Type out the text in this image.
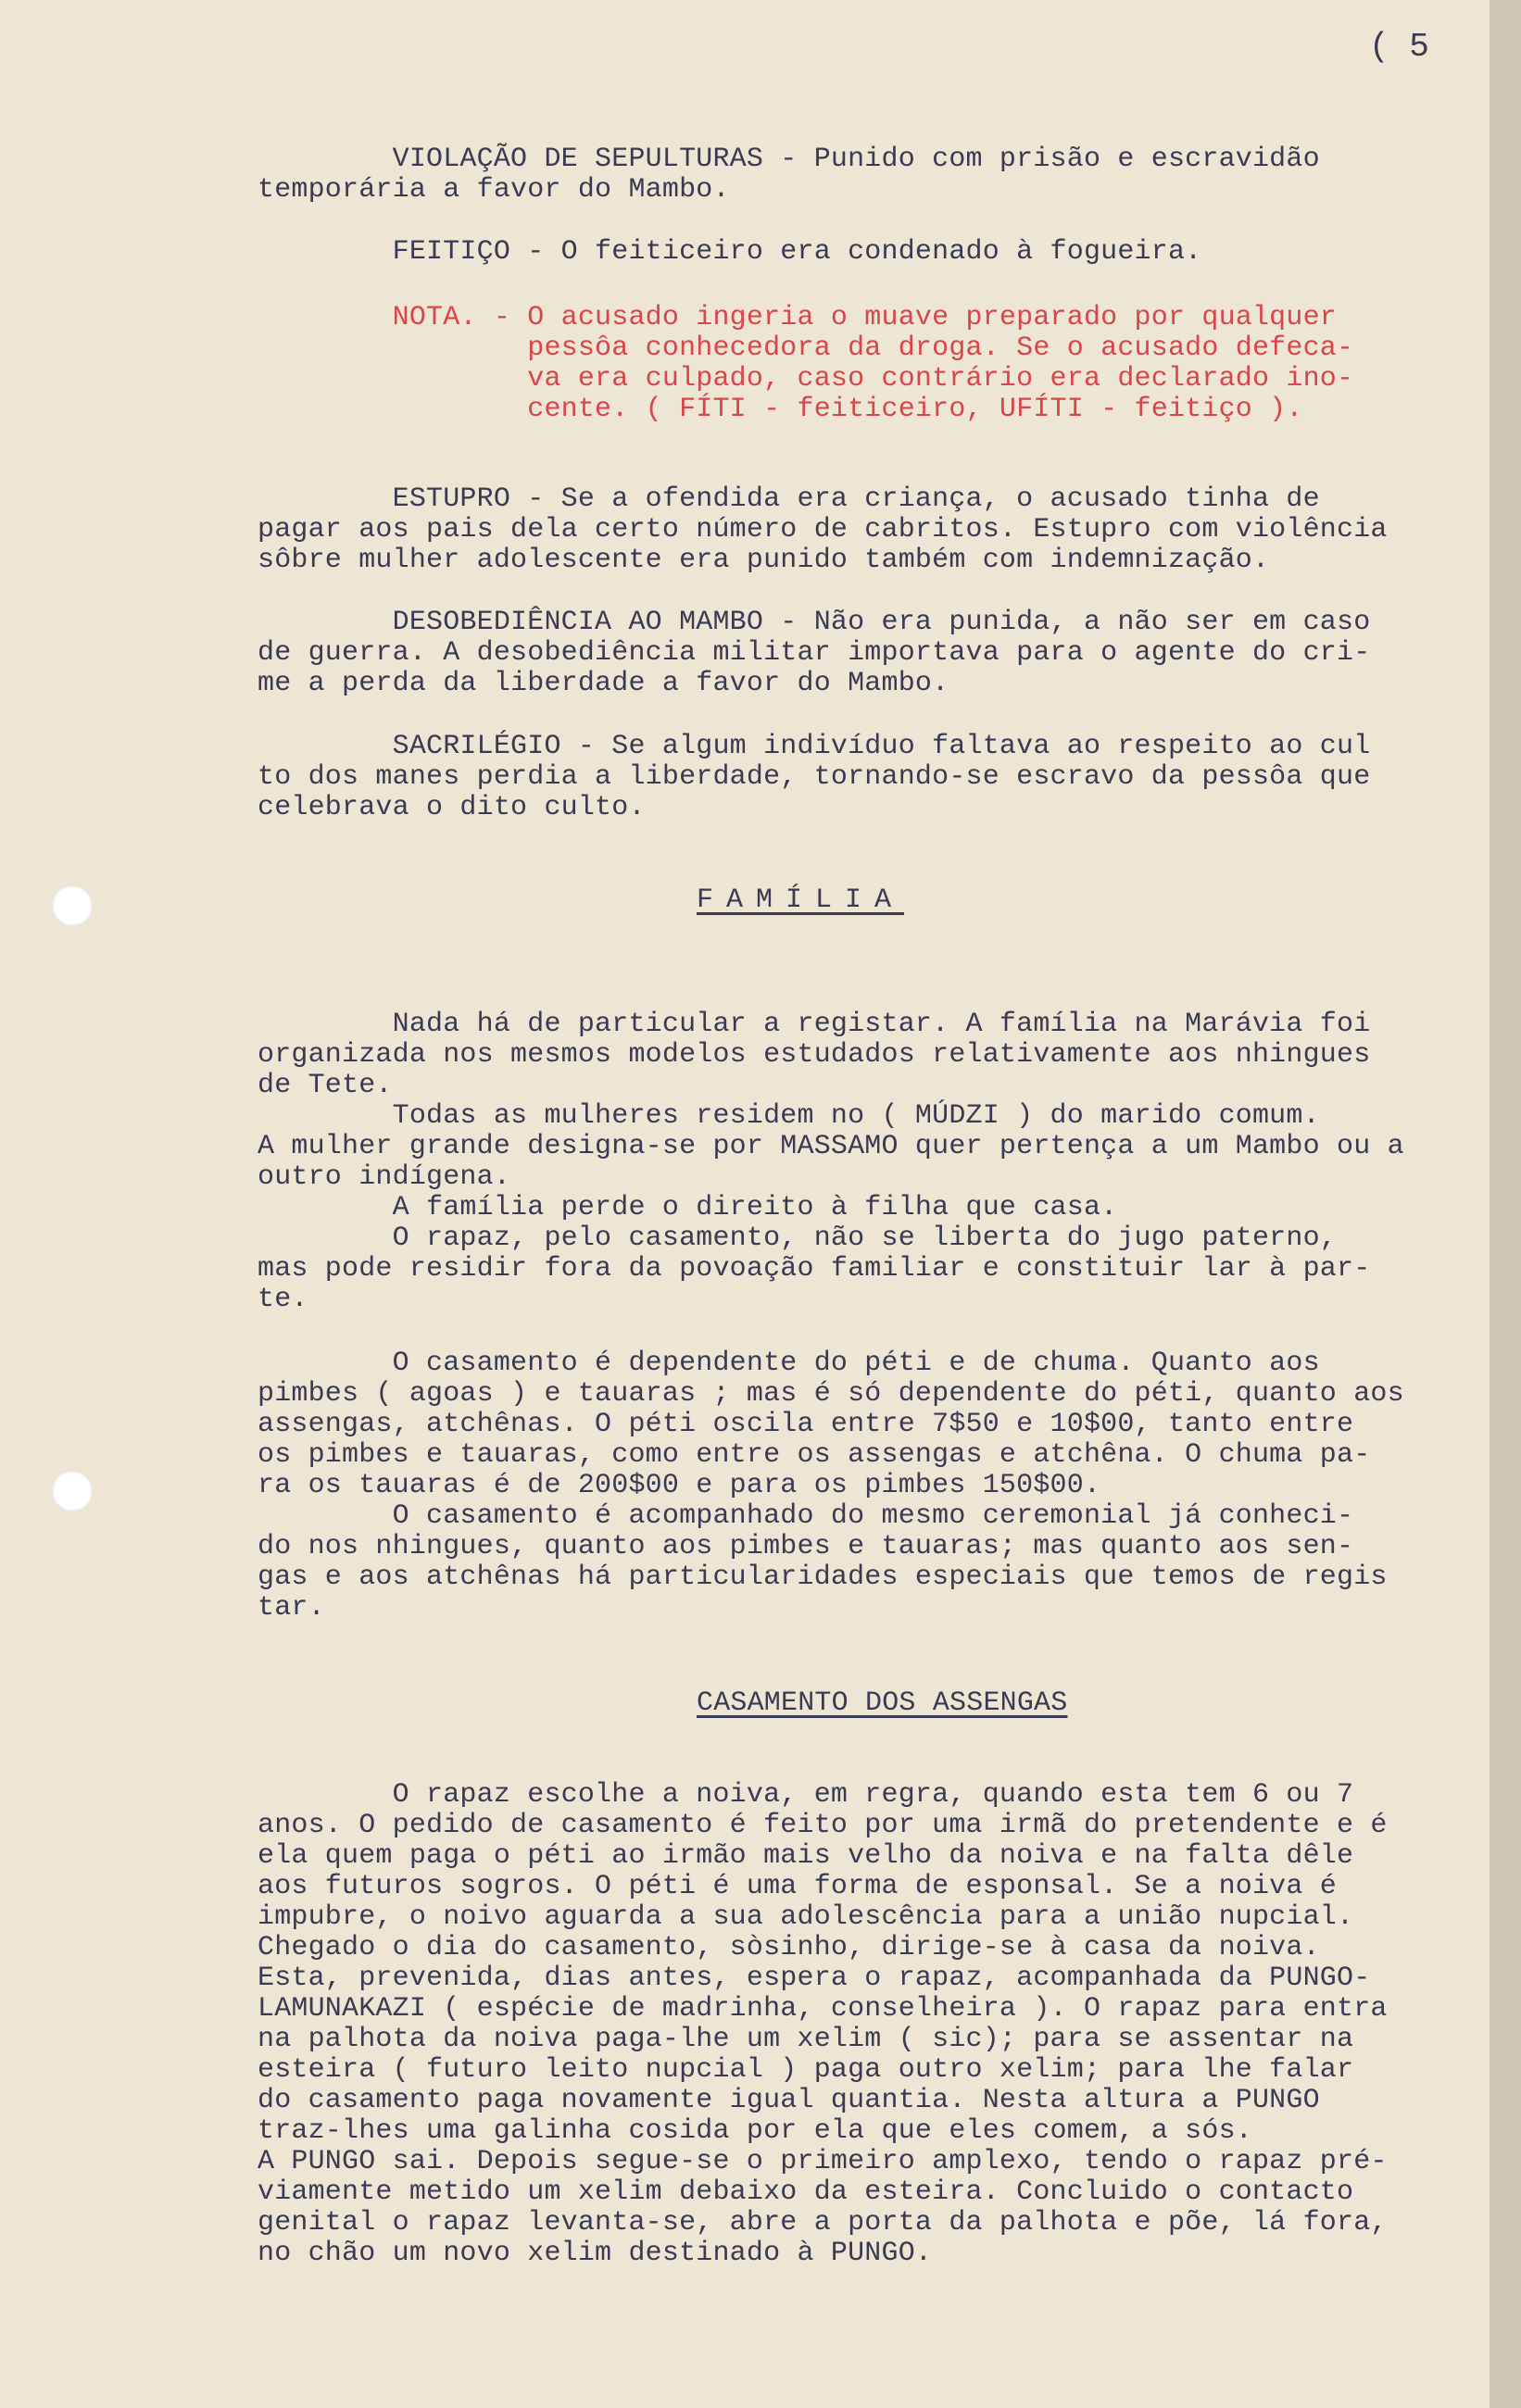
( 5
VIOLAÇÃO DE SEPULTURAS - Punido com prisão e escravidão
temporária a favor do Mambo.
FEITIÇO - O feiticeiro era condenado à fogueira.
NOTA. - O acusado ingeria o muave preparado por qualquer
pessôa conhecedora da droga. Se o acusado defeca-
va era culpado, caso contrário era declarado ino-
cente. ( FÍTI - feiticeiro, UFÍTI - feitiço ).
ESTUPRO - Se a ofendida era criança, o acusado tinha de
pagar aos pais dela certo número de cabritos. Estupro com violência
sôbre mulher adolescente era punido também com indemnização.
DESOBEDIÊNCIA AO MAMBO - Não era punida, a não ser em caso
de guerra. A desobediência militar importava para o agente do cri-
me a perda da liberdade a favor do Mambo.
SACRILÉGIO - Se algum indivíduo faltava ao respeito ao cul
to dos manes perdia a liberdade, tornando-se escravo da pessôa que
celebrava o dito culto.
FAMÍLIA
Nada há de particular a registar. A família na Marávia foi
organizada nos mesmos modelos estudados relativamente aos nhingues
de Tete.
Todas as mulheres residem no ( MÚDZI ) do marido comum.
A mulher grande designa-se por MASSAMO quer pertença a um Mambo ou a
outro indígena.
A família perde o direito à filha que casa.
O rapaz, pelo casamento, não se liberta do jugo paterno,
mas pode residir fora da povoação familiar e constituir lar à par-
te.
O casamento é dependente do péti e de chuma. Quanto aos
pimbes ( agoas ) e tauaras ; mas é só dependente do péti, quanto aos
assengas, atchênas. O péti oscila entre 7$50 e 10$00, tanto entre
os pimbes e tauaras, como entre os assengas e atchêna. O chuma pa-
ra os tauaras é de 200$00 e para os pimbes 150$00.
O casamento é acompanhado do mesmo ceremonial já conheci-
do nos nhingues, quanto aos pimbes e tauaras; mas quanto aos sen-
gas e aos atchênas há particularidades especiais que temos de regis
tar.
CASAMENTO DOS ASSENGAS
O rapaz escolhe a noiva, em regra, quando esta tem 6 ou 7
anos. O pedido de casamento é feito por uma irmã do pretendente e é
ela quem paga o péti ao irmão mais velho da noiva e na falta dêle
aos futuros sogros. O péti é uma forma de esponsal. Se a noiva é
impubre, o noivo aguarda a sua adolescência para a união nupcial.
Chegado o dia do casamento, sòsinho, dirige-se à casa da noiva.
Esta, prevenida, dias antes, espera o rapaz, acompanhada da PUNGO-
LAMUNAKAZI ( espécie de madrinha, conselheira ). O rapaz para entra
na palhota da noiva paga-lhe um xelim ( sic); para se assentar na
esteira ( futuro leito nupcial ) paga outro xelim; para lhe falar
do casamento paga novamente igual quantia. Nesta altura a PUNGO
traz-lhes uma galinha cosida por ela que eles comem, a sós.
A PUNGO sai. Depois segue-se o primeiro amplexo, tendo o rapaz pré-
viamente metido um xelim debaixo da esteira. Concluido o contacto
genital o rapaz levanta-se, abre a porta da palhota e põe, lá fora,
no chão um novo xelim destinado à PUNGO.
